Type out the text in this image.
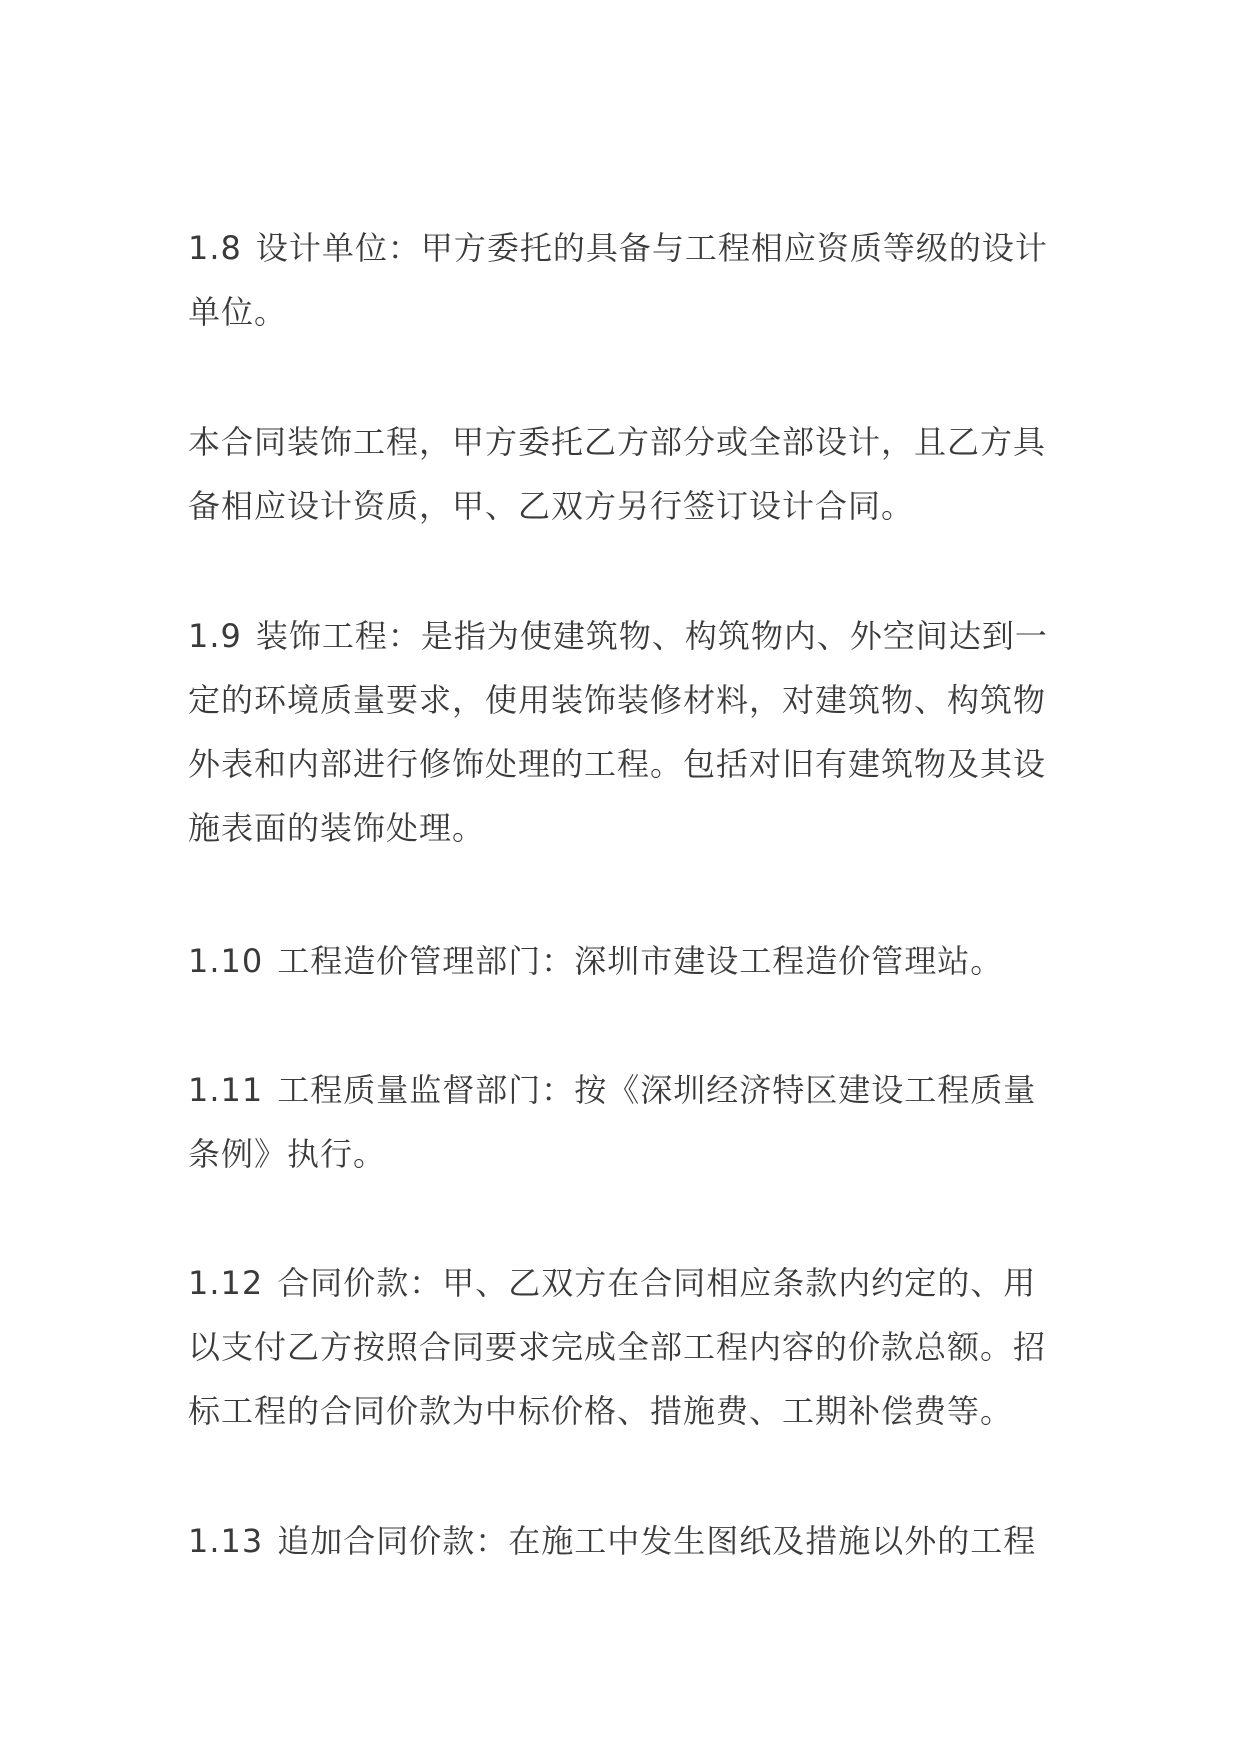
1.8 设计单位：甲方委托的具备与工程相应资质等级的设计
单位。

本合同装饰工程，甲方委托乙方部分或全部设计，且乙方具
备相应设计资质，甲、乙双方另行签订设计合同。

1.9 装饰工程：是指为使建筑物、构筑物内、外空间达到一
定的环境质量要求，使用装饰装修材料，对建筑物、构筑物
外表和内部进行修饰处理的工程。包括对旧有建筑物及其设
施表面的装饰处理。

1.10 工程造价管理部门：深圳市建设工程造价管理站。

1.11 工程质量监督部门：按《深圳经济特区建设工程质量
条例》执行。

1.12 合同价款：甲、乙双方在合同相应条款内约定的、用
以支付乙方按照合同要求完成全部工程内容的价款总额。招
标工程的合同价款为中标价格、措施费、工期补偿费等。

1.13 追加合同价款：在施工中发生图纸及措施以外的工程
